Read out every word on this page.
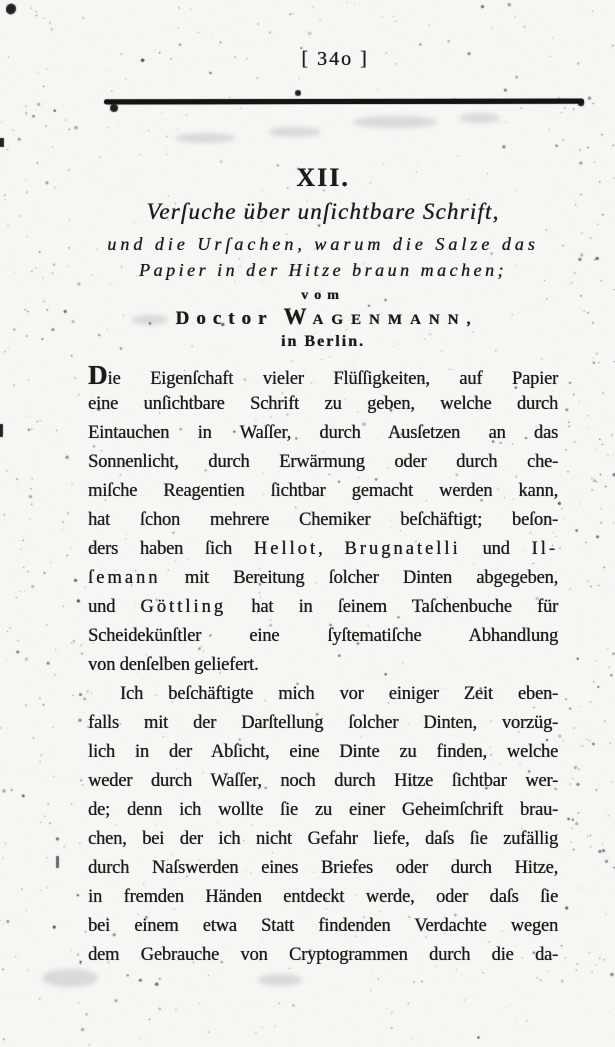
[ 34o ]
XII.
Verſuche über unſichtbare Schrift,
und die Urſachen, warum die Salze das
Papier in der Hitze braun machen;
vom
Doctor WAGENMANN,
in Berlin.
Die Eigenſchaft vieler Flüſſigkeiten, auf Papier
eine unſichtbare Schrift zu geben, welche durch
Eintauchen in Waſſer, durch Ausſetzen an das
Sonnenlicht, durch Erwärmung oder durch che-
miſche Reagentien ſichtbar gemacht werden kann,
hat ſchon mehrere Chemiker beſchäftigt; beſon-
ders haben ſich Hellot, Brugnatelli und Il-
ſemann mit Bereitung ſolcher Dinten abgegeben,
und Göttling hat in ſeinem Taſchenbuche für
Scheidekünſtler eine ſyſtematiſche Abhandlung
von denſelben geliefert.
Ich beſchäftigte mich vor einiger Zeit eben-
falls mit der Darſtellung ſolcher Dinten, vorzüg-
lich in der Abſicht, eine Dinte zu finden, welche
weder durch Waſſer, noch durch Hitze ſichtbar wer-
de; denn ich wollte ſie zu einer Geheimſchrift brau-
chen, bei der ich nicht Gefahr liefe, daſs ſie zufällig
durch Naſswerden eines Briefes oder durch Hitze,
in fremden Händen entdeckt werde, oder daſs ſie
bei einem etwa Statt findenden Verdachte wegen
dem Gebrauche von Cryptogrammen durch die da-
